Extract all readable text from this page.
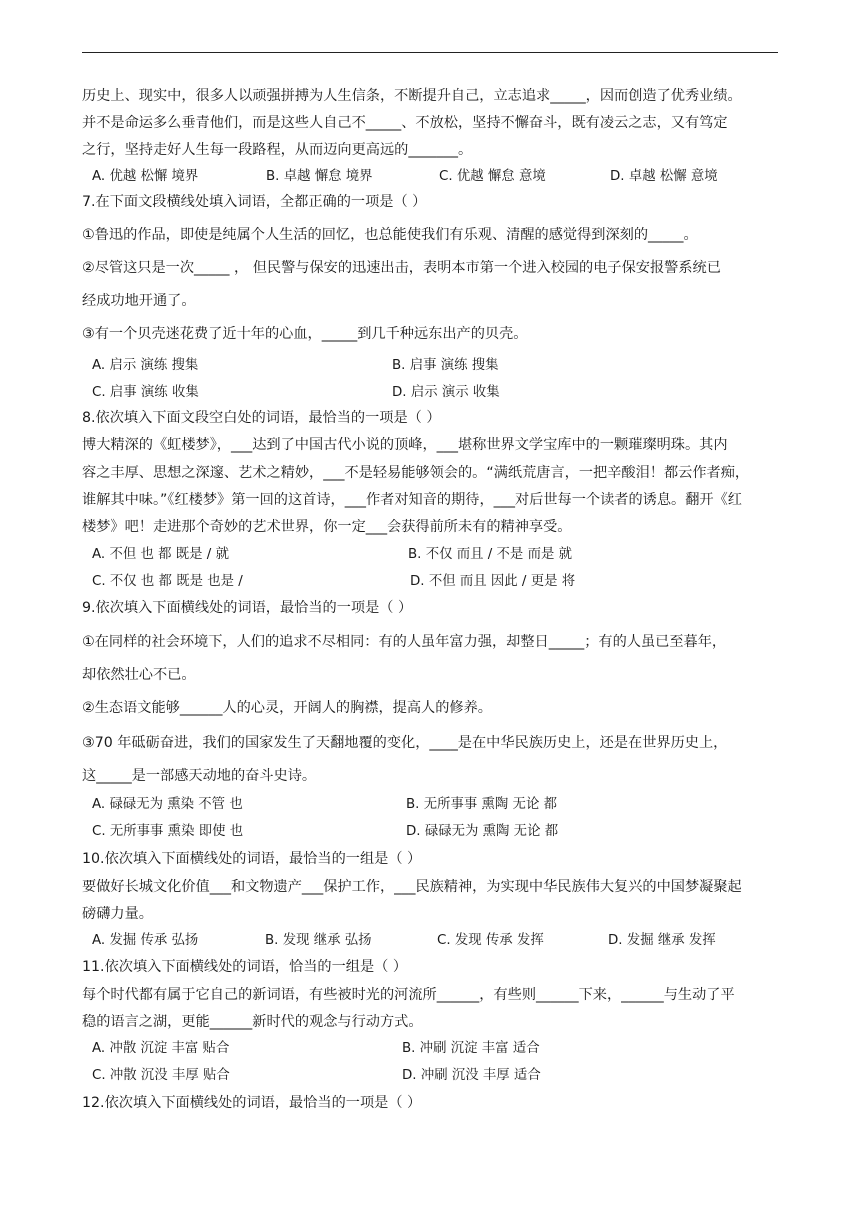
历史上、现实中，很多人以顽强拼搏为人生信条，不断提升自己，立志追求_____，因而创造了优秀业绩。
并不是命运多么垂青他们，而是这些人自己不_____、不放松，坚持不懈奋斗，既有凌云之志，又有笃定
之行，坚持走好人生每一段路程，从而迈向更高远的_______。
A. 优越 松懈 境界	B. 卓越 懈怠 境界	C. 优越 懈怠 意境	D. 卓越 松懈 意境
7.在下面文段横线处填入词语，全都正确的一项是（ ）
①鲁迅的作品，即使是纯属个人生活的回忆，也总能使我们有乐观、清醒的感觉得到深刻的_____。
②尽管这只是一次_____ ， 但民警与保安的迅速出击，表明本市第一个进入校园的电子保安报警系统已
经成功地开通了。
③有一个贝壳迷花费了近十年的心血，_____到几千种远东出产的贝壳。
A. 启示 演练 搜集	B. 启事 演练 搜集
C. 启事 演练 收集	D. 启示 演示 收集
8.依次填入下面文段空白处的词语，最恰当的一项是（ ）
博大精深的《虹楼梦》，___达到了中国古代小说的顶峰，___堪称世界文学宝库中的一颗璀璨明珠。其内
容之丰厚、思想之深邃、艺术之精妙，___不是轻易能够领会的。“满纸荒唐言，一把辛酸泪！都云作者痴，
谁解其中味。”《红楼梦》第一回的这首诗，___作者对知音的期待，___对后世每一个读者的诱息。翻开《红
楼梦》吧！走进那个奇妙的艺术世界，你一定___会获得前所未有的精神享受。
A. 不但 也 都 既是 / 就	B. 不仅 而且 / 不是 而是 就
C. 不仅 也 都 既是 也是 /	D. 不但 而且 因此 / 更是 将
9.依次填入下面横线处的词语，最恰当的一项是（ ）
①在同样的社会环境下，人们的追求不尽相同：有的人虽年富力强，却整日_____；有的人虽已至暮年，
却依然壮心不已。
②生态语文能够______人的心灵，开阔人的胸襟，提高人的修养。
③70 年砥砺奋进，我们的国家发生了天翻地覆的变化，____是在中华民族历史上，还是在世界历史上，
这_____是一部感天动地的奋斗史诗。
A. 碌碌无为 熏染 不管 也	B. 无所事事 熏陶 无论 都
C. 无所事事 熏染 即使 也	D. 碌碌无为 熏陶 无论 都
10.依次填入下面横线处的词语，最恰当的一组是（ ）
要做好长城文化价值___和文物遗产___保护工作，___民族精神，为实现中华民族伟大复兴的中国梦凝聚起
磅礴力量。
A. 发掘 传承 弘扬	B. 发现 继承 弘扬	C. 发现 传承 发挥	D. 发掘 继承 发挥
11.依次填入下面横线处的词语，恰当的一组是（ ）
每个时代都有属于它自己的新词语，有些被时光的河流所______，有些则______下来，______与生动了平
稳的语言之湖，更能______新时代的观念与行动方式。
A. 冲散 沉淀 丰富 贴合	B. 冲刷 沉淀 丰富 适合
C. 冲散 沉没 丰厚 贴合	D. 冲刷 沉没 丰厚 适合
12.依次填入下面横线处的词语，最恰当的一项是（ ）
